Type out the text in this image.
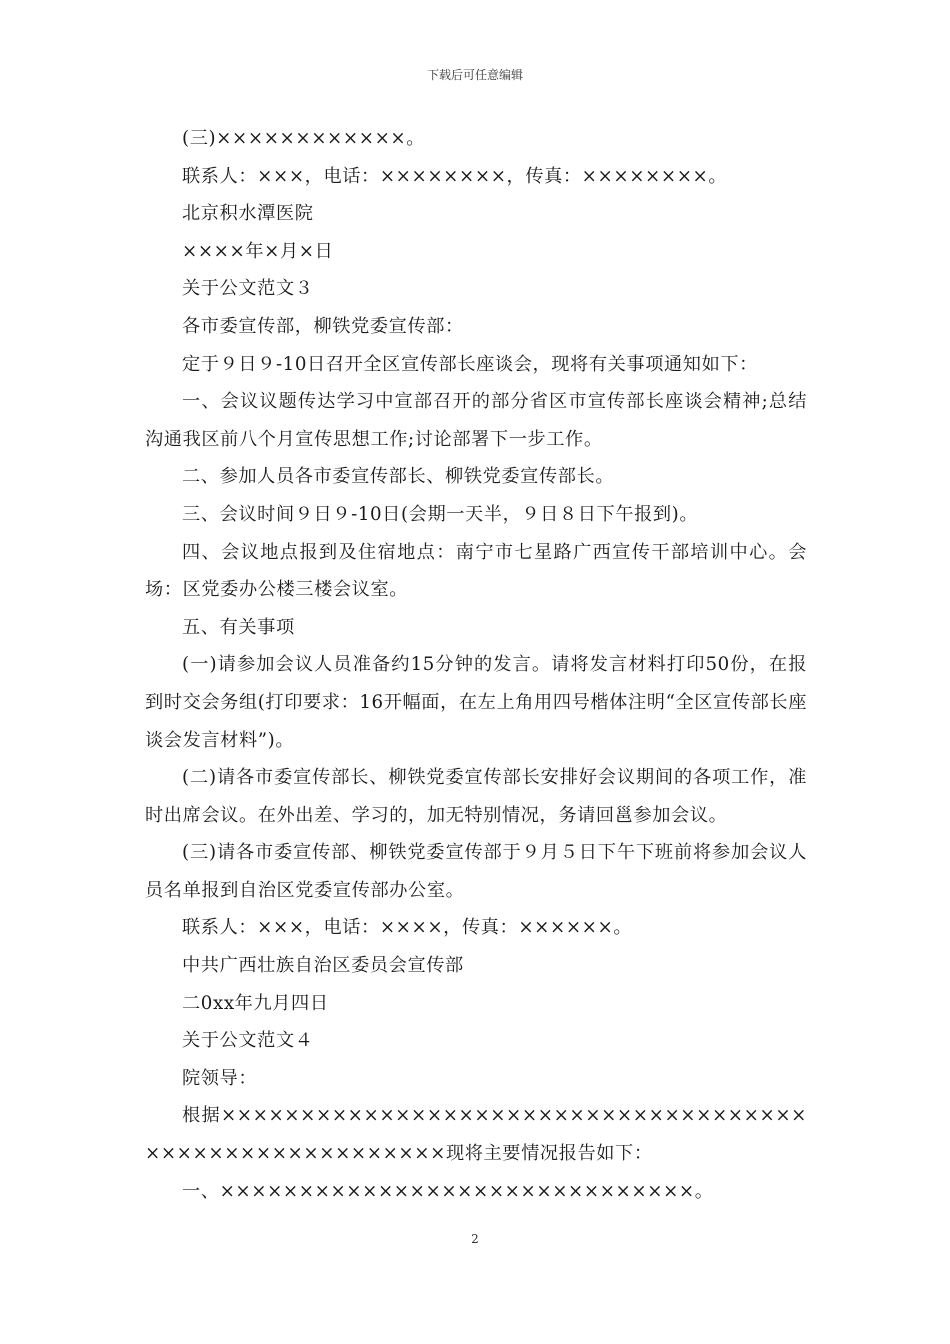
下载后可任意编辑

(三)××××××××××××。

联系人：×××，电话：××××××××，传真：××××××××。

北京积水潭医院

××××年×月×日

关于公文范文３

各市委宣传部，柳铁党委宣传部：

定于９日９-10日召开全区宣传部长座谈会，现将有关事项通知如下：

一、会议议题传达学习中宣部召开的部分省区市宣传部长座谈会精神;总结沟通我区前八个月宣传思想工作;讨论部署下一步工作。

二、参加人员各市委宣传部长、柳铁党委宣传部长。

三、会议时间９日９-10日(会期一天半，９日８日下午报到)。

四、会议地点报到及住宿地点：南宁市七星路广西宣传干部培训中心。会场：区党委办公楼三楼会议室。

五、有关事项

(一)请参加会议人员准备约15分钟的发言。请将发言材料打印50份，在报到时交会务组(打印要求：16开幅面，在左上角用四号楷体注明“全区宣传部长座谈会发言材料”)。

(二)请各市委宣传部长、柳铁党委宣传部长安排好会议期间的各项工作，准时出席会议。在外出差、学习的，加无特别情况，务请回邕参加会议。

(三)请各市委宣传部、柳铁党委宣传部于９月５日下午下班前将参加会议人员名单报到自治区党委宣传部办公室。

联系人：×××，电话：××××，传真：××××××。

中共广西壮族自治区委员会宣传部

二0xx年九月四日

关于公文范文４

院领导：

根据××××××××××××××××××××××××××××××××××××××××××××××××××××××××现将主要情况报告如下：

一、××××××××××××××××××××××××××××××。

2
